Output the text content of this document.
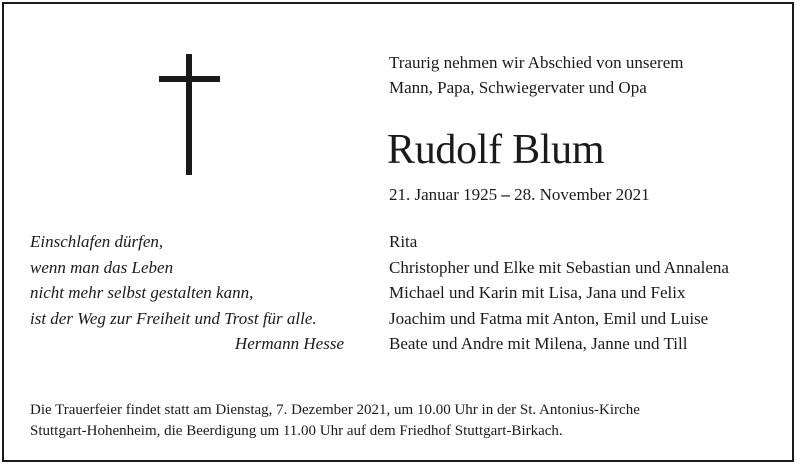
Traurig nehmen wir Abschied von unserem
Mann, Papa, Schwiegervater und Opa
Rudolf Blum
21. Januar 1925 – 28. November 2021
Einschlafen dürfen,
wenn man das Leben
nicht mehr selbst gestalten kann,
ist der Weg zur Freiheit und Trost für alle.
Hermann Hesse
Rita
Christopher und Elke mit Sebastian und Annalena
Michael und Karin mit Lisa, Jana und Felix
Joachim und Fatma mit Anton, Emil und Luise
Beate und Andre mit Milena, Janne und Till
Die Trauerfeier findet statt am Dienstag, 7. Dezember 2021, um 10.00 Uhr in der St. Antonius-Kirche
Stuttgart-Hohenheim, die Beerdigung um 11.00 Uhr auf dem Friedhof Stuttgart-Birkach.
